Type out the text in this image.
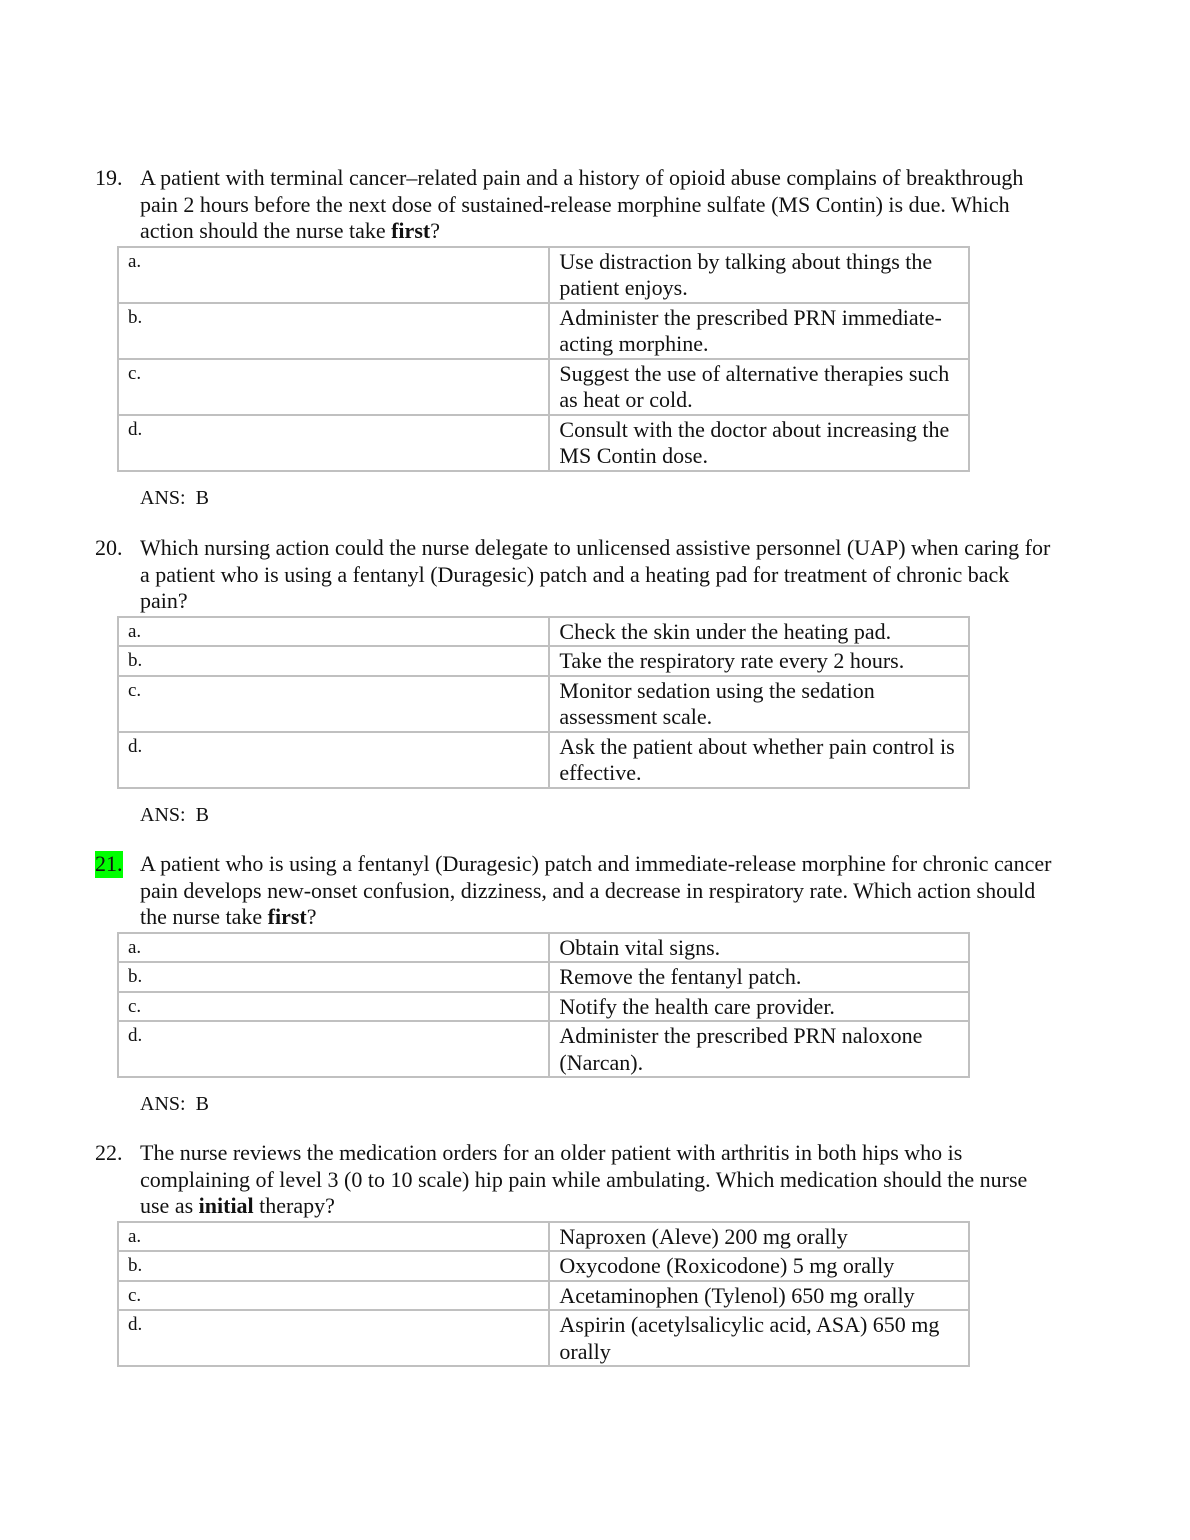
19. A patient with terminal cancer–related pain and a history of opioid abuse complains of breakthrough pain 2 hours before the next dose of sustained-release morphine sulfate (MS Contin) is due. Which action should the nurse take first?
a.	Use distraction by talking about things the patient enjoys.
b.	Administer the prescribed PRN immediate-acting morphine.
c.	Suggest the use of alternative therapies such as heat or cold.
d.	Consult with the doctor about increasing the MS Contin dose.
ANS: B
20. Which nursing action could the nurse delegate to unlicensed assistive personnel (UAP) when caring for a patient who is using a fentanyl (Duragesic) patch and a heating pad for treatment of chronic back pain?
a.	Check the skin under the heating pad.
b.	Take the respiratory rate every 2 hours.
c.	Monitor sedation using the sedation assessment scale.
d.	Ask the patient about whether pain control is effective.
ANS: B
21. A patient who is using a fentanyl (Duragesic) patch and immediate-release morphine for chronic cancer pain develops new-onset confusion, dizziness, and a decrease in respiratory rate. Which action should the nurse take first?
a.	Obtain vital signs.
b.	Remove the fentanyl patch.
c.	Notify the health care provider.
d.	Administer the prescribed PRN naloxone (Narcan).
ANS: B
22. The nurse reviews the medication orders for an older patient with arthritis in both hips who is complaining of level 3 (0 to 10 scale) hip pain while ambulating. Which medication should the nurse use as initial therapy?
a.	Naproxen (Aleve) 200 mg orally
b.	Oxycodone (Roxicodone) 5 mg orally
c.	Acetaminophen (Tylenol) 650 mg orally
d.	Aspirin (acetylsalicylic acid, ASA) 650 mg orally
